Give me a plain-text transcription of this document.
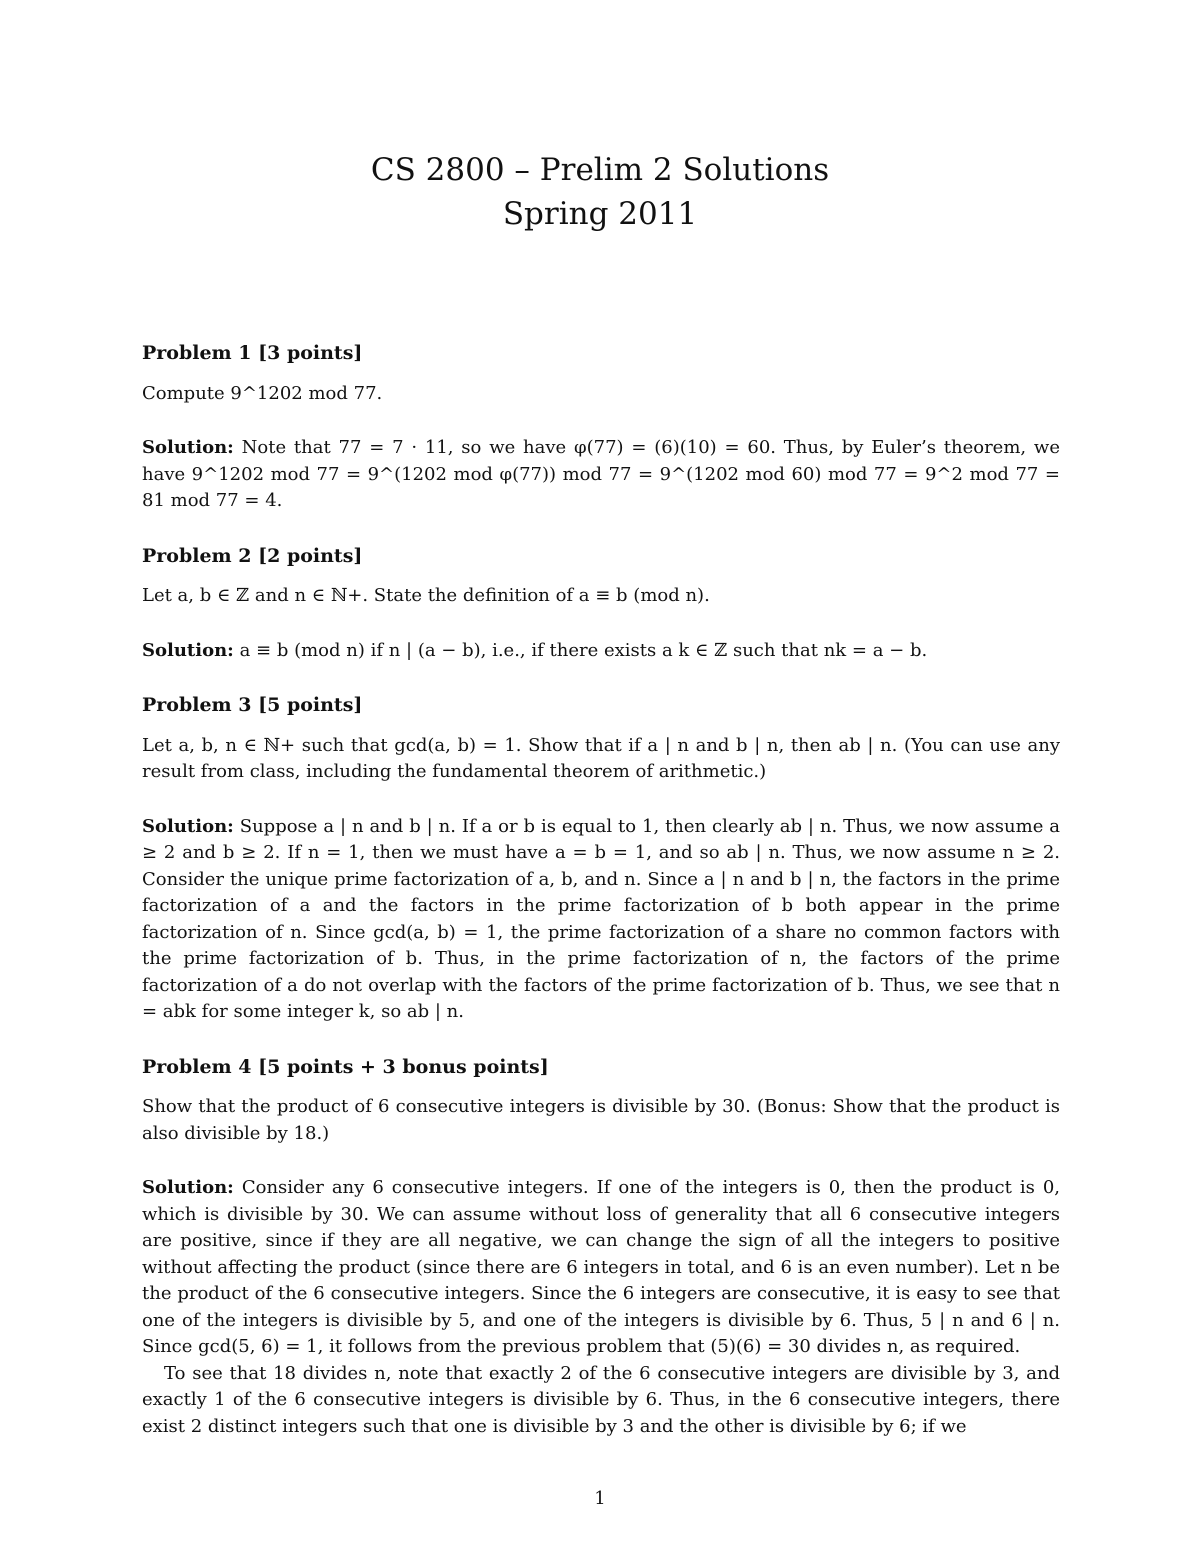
CS 2800 – Prelim 2 Solutions
Spring 2011
Problem 1 [3 points]

Compute 9^1202 mod 77.

Solution: Note that 77 = 7 · 11, so we have φ(77) = (6)(10) = 60. Thus, by Euler’s theorem, we have 9^1202 mod 77 = 9^(1202 mod φ(77)) mod 77 = 9^(1202 mod 60) mod 77 = 9^2 mod 77 = 81 mod 77 = 4.

Problem 2 [2 points]

Let a, b ∈ ℤ and n ∈ ℕ+. State the definition of a ≡ b (mod n).

Solution: a ≡ b (mod n) if n | (a − b), i.e., if there exists a k ∈ ℤ such that nk = a − b.

Problem 3 [5 points]

Let a, b, n ∈ ℕ+ such that gcd(a, b) = 1. Show that if a | n and b | n, then ab | n. (You can use any result from class, including the fundamental theorem of arithmetic.)

Solution: Suppose a | n and b | n. If a or b is equal to 1, then clearly ab | n. Thus, we now assume a ≥ 2 and b ≥ 2. If n = 1, then we must have a = b = 1, and so ab | n. Thus, we now assume n ≥ 2. Consider the unique prime factorization of a, b, and n. Since a | n and b | n, the factors in the prime factorization of a and the factors in the prime factorization of b both appear in the prime factorization of n. Since gcd(a, b) = 1, the prime factorization of a share no common factors with the prime factorization of b. Thus, in the prime factorization of n, the factors of the prime factorization of a do not overlap with the factors of the prime factorization of b. Thus, we see that n = abk for some integer k, so ab | n.

Problem 4 [5 points + 3 bonus points]

Show that the product of 6 consecutive integers is divisible by 30. (Bonus: Show that the product is also divisible by 18.)

Solution: Consider any 6 consecutive integers. If one of the integers is 0, then the product is 0, which is divisible by 30. We can assume without loss of generality that all 6 consecutive integers are positive, since if they are all negative, we can change the sign of all the integers to positive without affecting the product (since there are 6 integers in total, and 6 is an even number). Let n be the product of the 6 consecutive integers. Since the 6 integers are consecutive, it is easy to see that one of the integers is divisible by 5, and one of the integers is divisible by 6. Thus, 5 | n and 6 | n. Since gcd(5, 6) = 1, it follows from the previous problem that (5)(6) = 30 divides n, as required.

To see that 18 divides n, note that exactly 2 of the 6 consecutive integers are divisible by 3, and exactly 1 of the 6 consecutive integers is divisible by 6. Thus, in the 6 consecutive integers, there exist 2 distinct integers such that one is divisible by 3 and the other is divisible by 6; if we

1
